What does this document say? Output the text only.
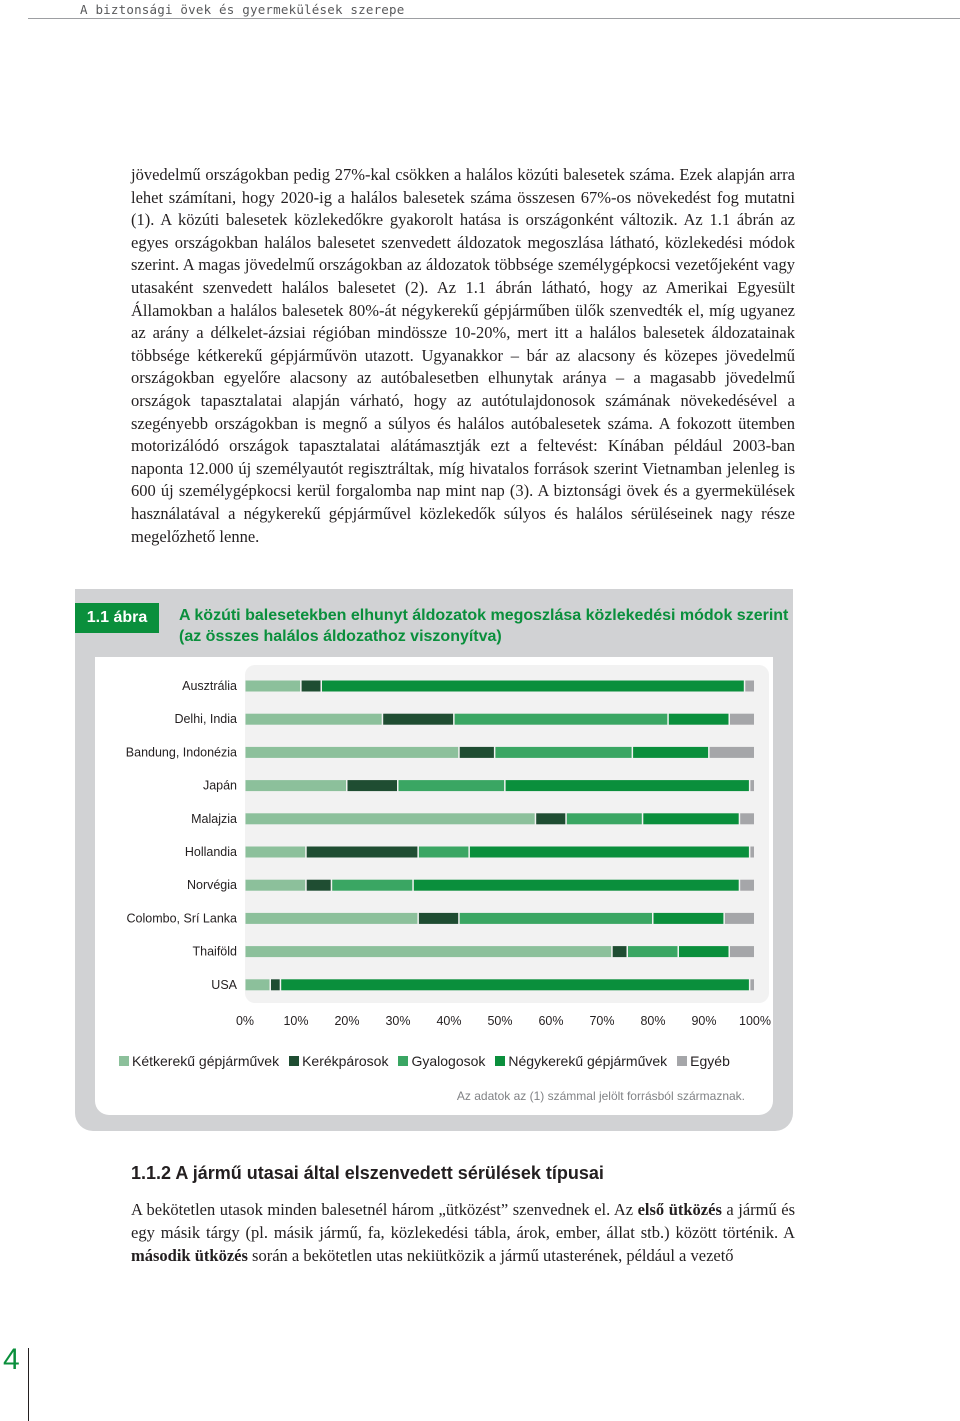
A biztonsági övek és gyermekülések szerepe

jövedelmű országokban pedig 27%-kal csökken a halálos közúti balesetek száma. Ezek alapján arra lehet számítani, hogy 2020-ig a halálos balesetek száma összesen 67%-os növekedést fog mutatni (1). A közúti balesetek közlekedőkre gyakorolt hatása is országonként változik. Az 1.1 ábrán az egyes országokban halálos balesetet szenvedett áldozatok megoszlása látható, közlekedési módok szerint. A magas jövedelmű országokban az áldozatok többsége személygépkocsi vezetőjeként vagy utasaként szenvedett halálos balesetet (2). Az 1.1 ábrán látható, hogy az Amerikai Egyesült Államokban a halálos balesetek 80%-át négykerekű gépjárműben ülők szenvedték el, míg ugyanez az arány a délkelet-ázsiai régióban mindössze 10-20%, mert itt a halálos balesetek áldozatainak többsége kétkerekű gépjárművön utazott. Ugyanakkor – bár az alacsony és közepes jövedelmű országokban egyelőre alacsony az autóbalesetben elhunytak aránya – a magasabb jövedelmű országok tapasztalatai alapján várható, hogy az autótulajdonosok számának növekedésével a szegényebb országokban is megnő a súlyos és halálos autóbalesetek száma. A fokozott ütemben motorizálódó országok tapasztalatai alátámasztják ezt a feltevést: Kínában például 2003-ban naponta 12.000 új személyautót regisztráltak, míg hivatalos források szerint Vietnamban jelenleg is 600 új személygépkocsi kerül forgalomba nap mint nap (3). A biztonsági övek és a gyermekülések használatával a négykerekű gépjárművel közlekedők súlyos és halálos sérüléseinek nagy része megelőzhető lenne.

1.1 ábra	A közúti balesetekben elhunyt áldozatok megoszlása közlekedési módok szerint (az összes halálos áldozathoz viszonyítva)

Ausztrália
Delhi, India
Bandung, Indonézia
Japán
Malajzia
Hollandia
Norvégia
Colombo, Srí Lanka
Thaiföld
USA
0% 10% 20% 30% 40% 50% 60% 70% 80% 90% 100%
Kétkerekű gépjárművek Kerékpárosok Gyalogosok Négykerekű gépjárművek Egyéb
Az adatok az (1) számmal jelölt forrásból származnak.
1.1.2 A jármű utasai által elszenvedett sérülések típusai

A bekötetlen utasok minden balesetnél három „ütközést” szenvednek el. Az első ütközés a jármű és egy másik tárgy (pl. másik jármű, fa, közlekedési tábla, árok, ember, állat stb.) között történik. A második ütközés során a bekötetlen utas nekiütközik a jármű utasterének, például a vezető

4
